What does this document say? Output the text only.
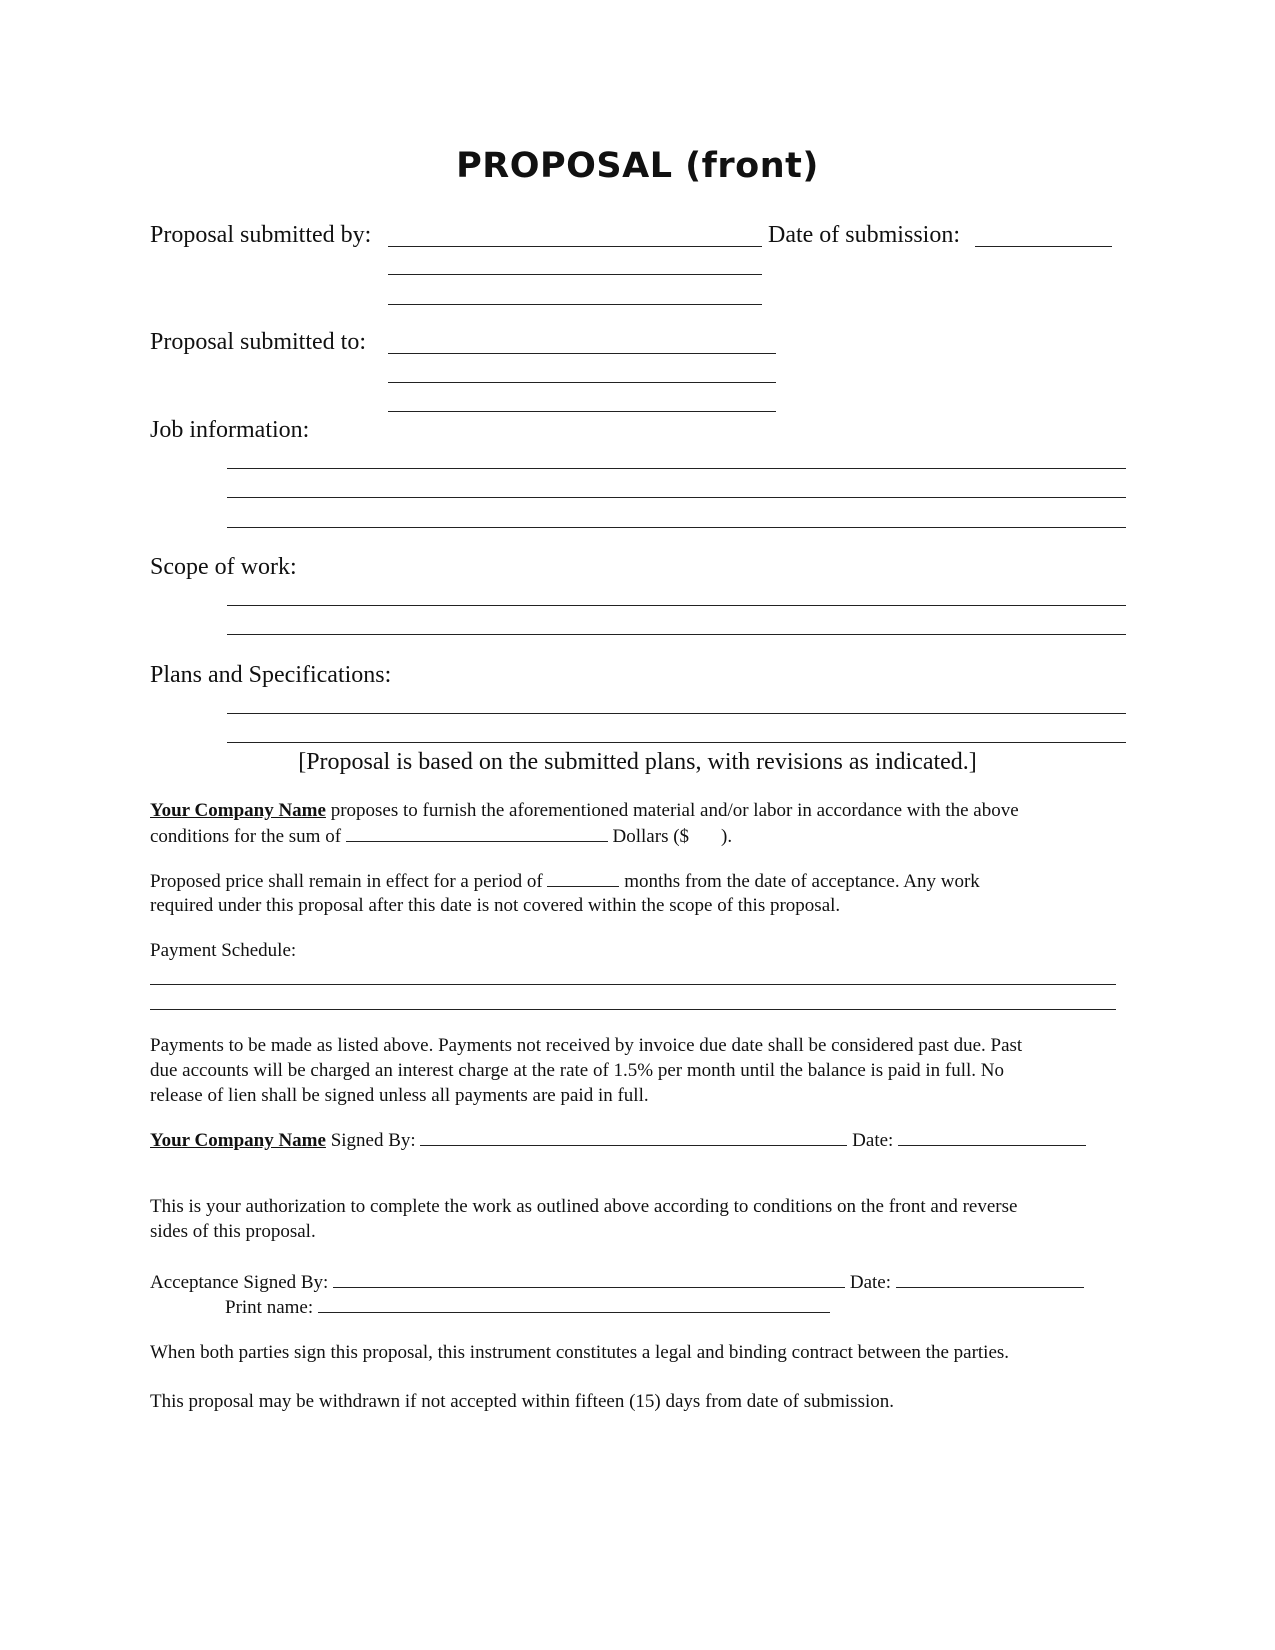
PROPOSAL (front)
Proposal submitted by:	Date of submission:
Proposal submitted to:
Job information:
Scope of work:
Plans and Specifications:
[Proposal is based on the submitted plans, with revisions as indicated.]
Your Company Name proposes to furnish the aforementioned material and/or labor in accordance with the above
conditions for the sum of	Dollars ($ ).
Proposed price shall remain in effect for a period of	months from the date of acceptance. Any work
required under this proposal after this date is not covered within the scope of this proposal.
Payment Schedule:
Payments to be made as listed above. Payments not received by invoice due date shall be considered past due. Past
due accounts will be charged an interest charge at the rate of 1.5% per month until the balance is paid in full. No
release of lien shall be signed unless all payments are paid in full.
Your Company Name Signed By:	Date:
This is your authorization to complete the work as outlined above according to conditions on the front and reverse
sides of this proposal.
Acceptance Signed By:	Date:
Print name:
When both parties sign this proposal, this instrument constitutes a legal and binding contract between the parties.
This proposal may be withdrawn if not accepted within fifteen (15) days from date of submission.
